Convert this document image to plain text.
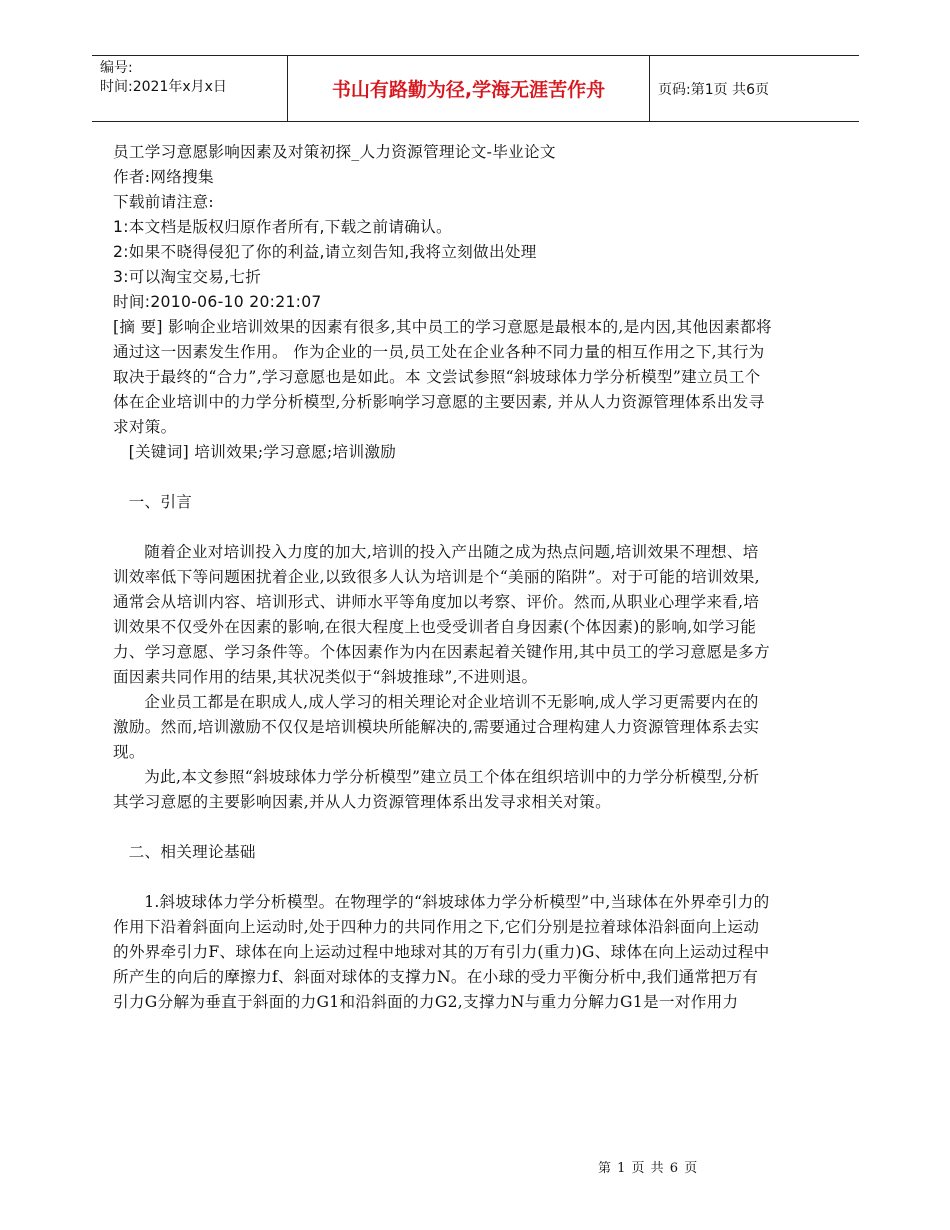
编号:
时间:2021年x月x日	书山有路勤为径,学海无涯苦作舟	页码:第1页 共6页

员工学习意愿影响因素及对策初探_人力资源管理论文-毕业论文

作者:网络搜集

下载前请注意:

1:本文档是版权归原作者所有,下载之前请确认。

2:如果不晓得侵犯了你的利益,请立刻告知,我将立刻做出处理

3:可以淘宝交易,七折

时间:2010-06-10 20:21:07

[摘 要] 影响企业培训效果的因素有很多,其中员工的学习意愿是最根本的,是内因,其他因素都将通过这一因素发生作用。 作为企业的一员,员工处在企业各种不同力量的相互作用之下,其行为取决于最终的“合力”,学习意愿也是如此。本 文尝试参照“斜坡球体力学分析模型”建立员工个体在企业培训中的力学分析模型,分析影响学习意愿的主要因素, 并从人力资源管理体系出发寻求对策。

[关键词] 培训效果;学习意愿;培训激励

一、引言

随着企业对培训投入力度的加大,培训的投入产出随之成为热点问题,培训效果不理想、培训效率低下等问题困扰着企业,以致很多人认为培训是个“美丽的陷阱”。对于可能的培训效果,通常会从培训内容、培训形式、讲师水平等角度加以考察、评价。然而,从职业心理学来看,培训效果不仅受外在因素的影响,在很大程度上也受受训者自身因素(个体因素)的影响,如学习能力、学习意愿、学习条件等。个体因素作为内在因素起着关键作用,其中员工的学习意愿是多方面因素共同作用的结果,其状况类似于“斜坡推球”,不进则退。

企业员工都是在职成人,成人学习的相关理论对企业培训不无影响,成人学习更需要内在的激励。然而,培训激励不仅仅是培训模块所能解决的,需要通过合理构建人力资源管理体系去实现。

为此,本文参照“斜坡球体力学分析模型”建立员工个体在组织培训中的力学分析模型,分析其学习意愿的主要影响因素,并从人力资源管理体系出发寻求相关对策。

二、相关理论基础

1.斜坡球体力学分析模型。在物理学的“斜坡球体力学分析模型”中,当球体在外界牵引力的作用下沿着斜面向上运动时,处于四种力的共同作用之下,它们分别是拉着球体沿斜面向上运动的外界牵引力F、球体在向上运动过程中地球对其的万有引力(重力)G、球体在向上运动过程中所产生的向后的摩擦力f、斜面对球体的支撑力N。在小球的受力平衡分析中,我们通常把万有引力G分解为垂直于斜面的力G1和沿斜面的力G2,支撑力N与重力分解力G1是一对作用力

第 1 页 共 6 页
